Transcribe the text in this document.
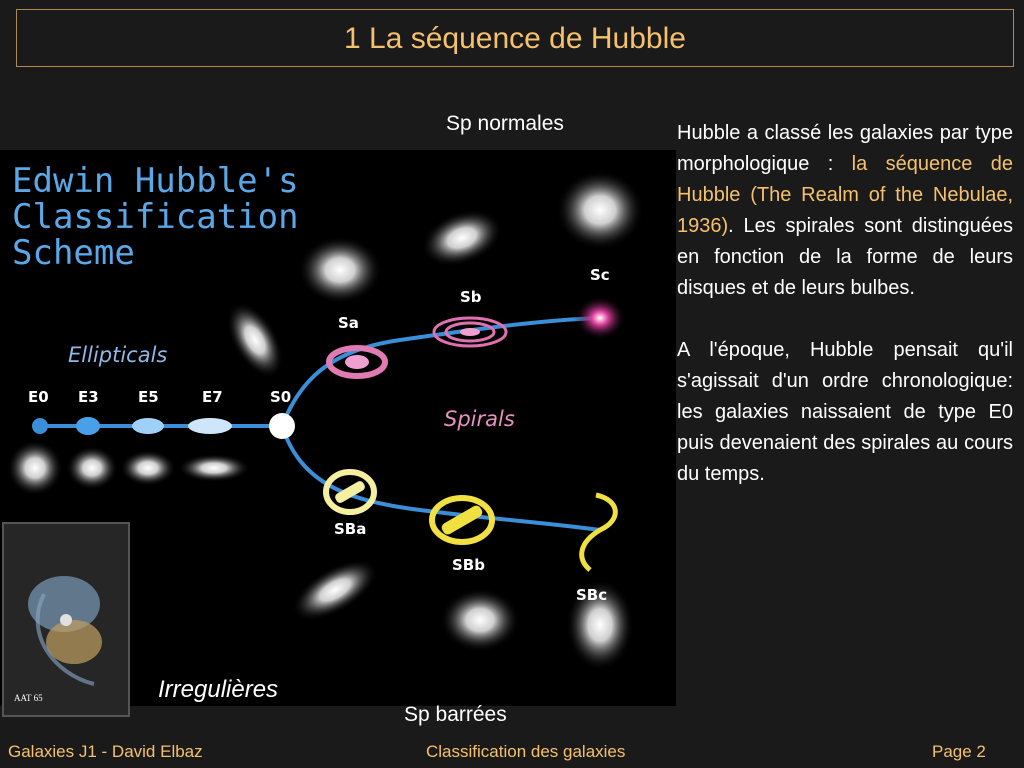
1 La séquence de Hubble
Sp normales
Edwin Hubble's
Classification
Scheme
Ellipticals
Spirals
E0 E3	E5	E7	S0
Sa
Sb
Sc
SBa
SBb
SBc
AAT 65	Irregulières
Sp barrées

Hubble a classé les galaxies par type morphologique : la séquence de Hubble (The Realm of the Nebulae, 1936). Les spirales sont distinguées en fonction de la forme de leurs disques et de leurs bulbes.

A l'époque, Hubble pensait qu'il s'agissait d'un ordre chronologique: les galaxies naissaient de type E0 puis devenaient des spirales au cours du temps.

Galaxies J1 - David Elbaz	Classification des galaxies	Page 2
